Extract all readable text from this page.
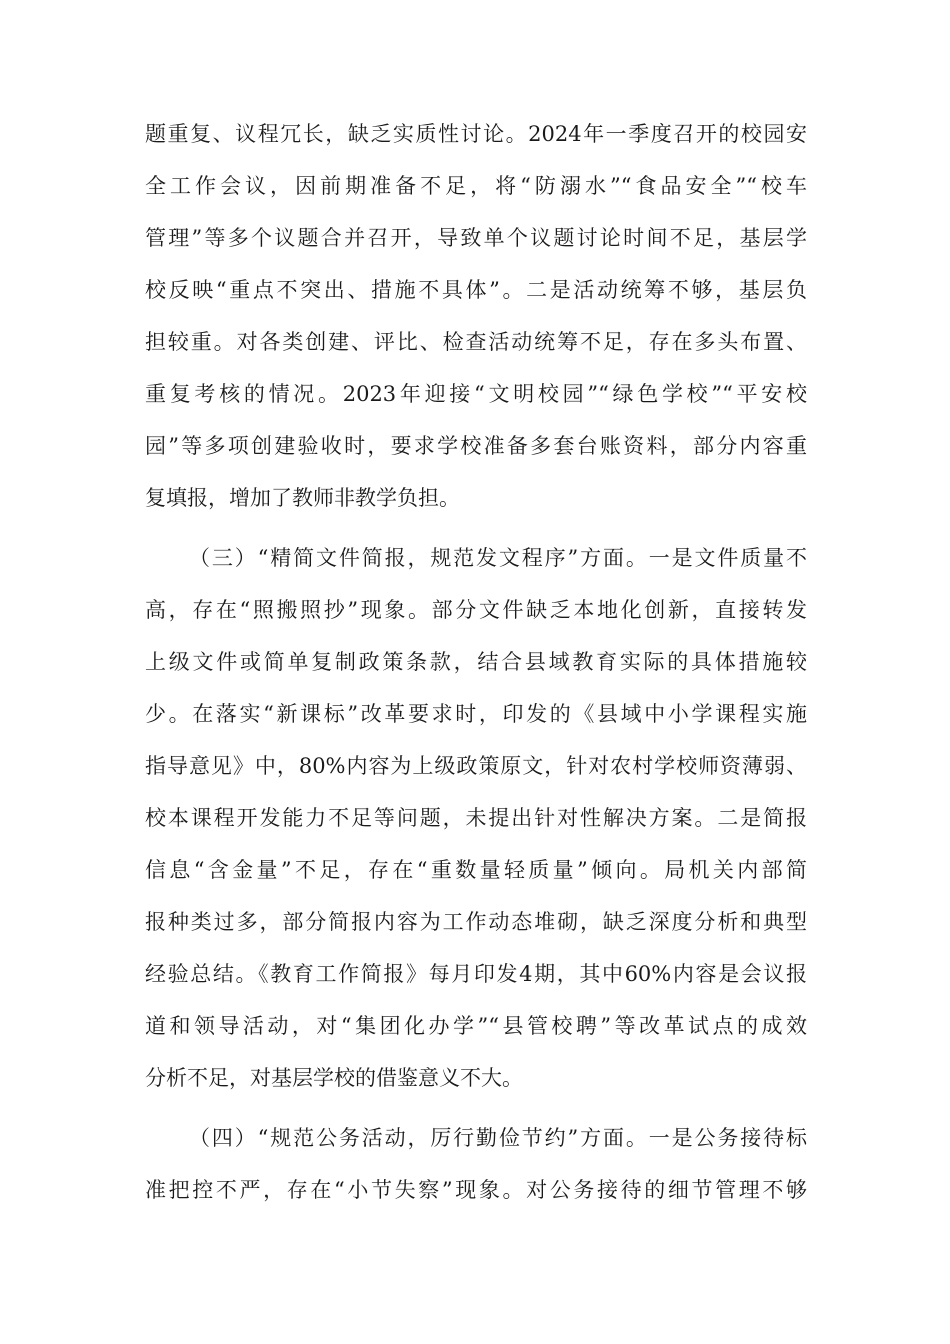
题重复、议程冗长，缺乏实质性讨论。2024年一季度召开的校园安
全工作会议，因前期准备不足，将“防溺水”“食品安全”“校车
管理”等多个议题合并召开，导致单个议题讨论时间不足，基层学
校反映“重点不突出、措施不具体”。二是活动统筹不够，基层负
担较重。对各类创建、评比、检查活动统筹不足，存在多头布置、
重复考核的情况。2023年迎接“文明校园”“绿色学校”“平安校
园”等多项创建验收时，要求学校准备多套台账资料，部分内容重
复填报，增加了教师非教学负担。
（三）“精简文件简报，规范发文程序”方面。一是文件质量不
高，存在“照搬照抄”现象。部分文件缺乏本地化创新，直接转发
上级文件或简单复制政策条款，结合县域教育实际的具体措施较
少。在落实“新课标”改革要求时，印发的《县域中小学课程实施
指导意见》中，80%内容为上级政策原文，针对农村学校师资薄弱、
校本课程开发能力不足等问题，未提出针对性解决方案。二是简报
信息“含金量”不足，存在“重数量轻质量”倾向。局机关内部简
报种类过多，部分简报内容为工作动态堆砌，缺乏深度分析和典型
经验总结。《教育工作简报》每月印发4期，其中60%内容是会议报
道和领导活动，对“集团化办学”“县管校聘”等改革试点的成效
分析不足，对基层学校的借鉴意义不大。
（四）“规范公务活动，厉行勤俭节约”方面。一是公务接待标
准把控不严，存在“小节失察”现象。对公务接待的细节管理不够
